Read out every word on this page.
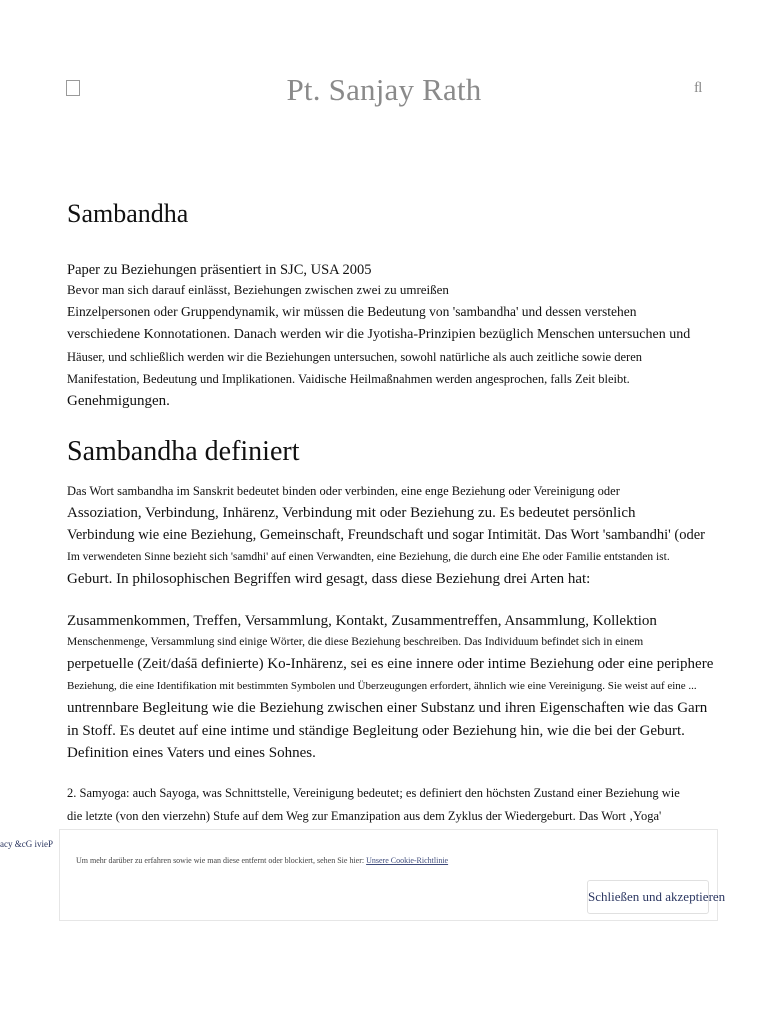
Pt. Sanjay Rath	ﬂ
Sambandha
Paper zu Beziehungen präsentiert in SJC, USA 2005
Bevor man sich darauf einlässt, Beziehungen zwischen zwei zu umreißen
Einzelpersonen oder Gruppendynamik, wir müssen die Bedeutung von 'sambandha' und dessen verstehen
verschiedene Konnotationen. Danach werden wir die Jyotisha-Prinzipien bezüglich Menschen untersuchen und
Häuser, und schließlich werden wir die Beziehungen untersuchen, sowohl natürliche als auch zeitliche sowie deren
Manifestation, Bedeutung und Implikationen. Vaidische Heilmaßnahmen werden angesprochen, falls Zeit bleibt.
Genehmigungen.
Sambandha definiert
Das Wort sambandha im Sanskrit bedeutet binden oder verbinden, eine enge Beziehung oder Vereinigung oder
Assoziation, Verbindung, Inhärenz, Verbindung mit oder Beziehung zu. Es bedeutet persönlich
Verbindung wie eine Beziehung, Gemeinschaft, Freundschaft und sogar Intimität. Das Wort 'sambandhi' (oder
Im verwendeten Sinne bezieht sich 'samdhi' auf einen Verwandten, eine Beziehung, die durch eine Ehe oder Familie entstanden ist.
Geburt. In philosophischen Begriffen wird gesagt, dass diese Beziehung drei Arten hat:
Zusammenkommen, Treffen, Versammlung, Kontakt, Zusammentreffen, Ansammlung, Kollektion
Menschenmenge, Versammlung sind einige Wörter, die diese Beziehung beschreiben. Das Individuum befindet sich in einem
perpetuelle (Zeit/daśā definierte) Ko-Inhärenz, sei es eine innere oder intime Beziehung oder eine periphere
Beziehung, die eine Identifikation mit bestimmten Symbolen und Überzeugungen erfordert, ähnlich wie eine Vereinigung. Sie weist auf eine ...
untrennbare Begleitung wie die Beziehung zwischen einer Substanz und ihren Eigenschaften wie das Garn
in Stoff. Es deutet auf eine intime und ständige Begleitung oder Beziehung hin, wie die bei der Geburt.
Definition eines Vaters und eines Sohnes.
2. Samyoga: auch Sayoga, was Schnittstelle, Vereinigung bedeutet; es definiert den höchsten Zustand einer Beziehung wie
die letzte (von den vierzehn) Stufe auf dem Weg zur Emanzipation aus dem Zyklus der Wiedergeburt. Das Wort ‚Yoga'
acy &cG ivieP
Um mehr darüber zu erfahren sowie wie man diese entfernt oder blockiert, sehen Sie hier: Unsere Cookie-Richtlinie
Schließen und akzeptieren
